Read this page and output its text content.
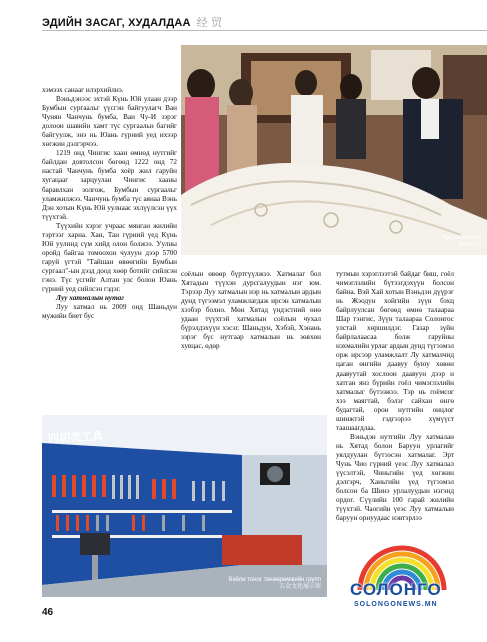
ЭДИЙН ЗАСАГ, ХУДАЛДАА 经 贸
Луу хатмалын
шинэ эх

хэмээх санааг илэрхийлнэ.

Вэньдэнээс эхтэй Күнь Юй улаан дээр Бумбын сургаальг үүсгэн байгуулагч Ван Чунян Чанчунь бумба, Ван Чу-И зэрэг долоон шавийн хамт түс сургаальн багийг байгуулж, энэ нь Юань гүрний уед ихээр хөгжин дэлгэрчээ.

1219 онд Чингис хаан өмнөд нутгийг байлдан довтолсон бөгөөд 1222 онд 72 настай Чанчунь бумба хоёр жил гаруйн хугацааг зарцуулан Чингис хааны баравлхан золгож, Бумбын сургаальг уламжилжээ. Чанчунь бумба түс аянаа Вэнь Дэн хотын Күнь Юй уулнаас эхлүүлсэн үүх түүхтэй.

Түүхийн хэрэг учраас мянган жилийн тэртээг харна. Хан, Тан гүрний үед Күнь Юй уулинд сүм хийд олон болжээ. Уулны оройд байгаа томоохон чулуун дээр 5700 гаруй үгтэй "Тайшан өвөөгийн Бумбын сургаал"-ын дэзд доод хөөр ботийг сийлсэн гэнэ. Түс үсгийг Алтан улс болон Юань гүрний уед сийлсэн гэдэг.

Луу хатмалын нутаг

Луу хатмал нь 2009 онд Шаньдун мужийн биет бус

соёлын өвөөр бүртгүүлжээ. Хатмалаг бол Хятадын түүхэн дурсгалуудын нэг юм. Тэрээр Луу хатмалын нэр нь хатмалын ардын дунд түгээмэл уламжлагдаж ирсэн хатмалын хээбэр болно. Мөн Хятад үндэстний өнө удаан түүхтэй хатмалын соёлын чухал бүрэлдэхүүн хэсэг. Шаньдун, Хэбэй, Хэнань зэрэг бүс нутгаар хатмалын нь зөвхөн хувцас, өдөр

тутмын хэрэглээтэй байдаг биш, гоёл чимэглэлийн бүтээгдэхүүн болсон байна. Вэй Хай хотын Вэньдэн дүүрэг нь Жэодун хойгийн зүүн бэхц байрлуулсан бөгөөд өмнө талаараа Шар тэнгис, Зүүн талаараа Солонгос улстай хөршилдэг. Газар зүйн байрлалаасаа болж гаруйны нэхмалийн урлаг ардын дунд түгээмэл орж ирсээр уламжлалт Лу хатмалчид цаган өнгийн даавуу буюу хөвөн даавуутай хослоон даавуун дээр н хатган янз бүрийн гоёл чимэглэлийн хатмалыг бүтээжээ. Тэр нь гоёмсог хээ маягтай, бэлэг сайхан өнгө будагтай, орон нутгийн онцлог шинжтэй гэдгээрээ хүмүүст таашаагдлаа.

Вэньдэн нутгийн Луу хатмалан нь Хятад болон Баруун урлагийг уялдуулан бүтээсэн хатмалаг. Эрт Чунь Чио гүрний үеэс Луу хатмалал үүсэлтэй, Чиньгийн үед хөгжин дэлгэрч, Ханьгийн үед түгээмэл болсон ба Шинэ урлалуудын нэгэнд ордог. Сүүлийн 100 гарай жилийн түүхтэй. Чаогийн үеэс Луу хатмалын баруун орнуудаас нэвтэрлээ

四切类工具
Вэйли тоног төхөөрөмжийн групп
五金文化展示馆
46
СОЛОНГО
SOLONGONEWS.MN
